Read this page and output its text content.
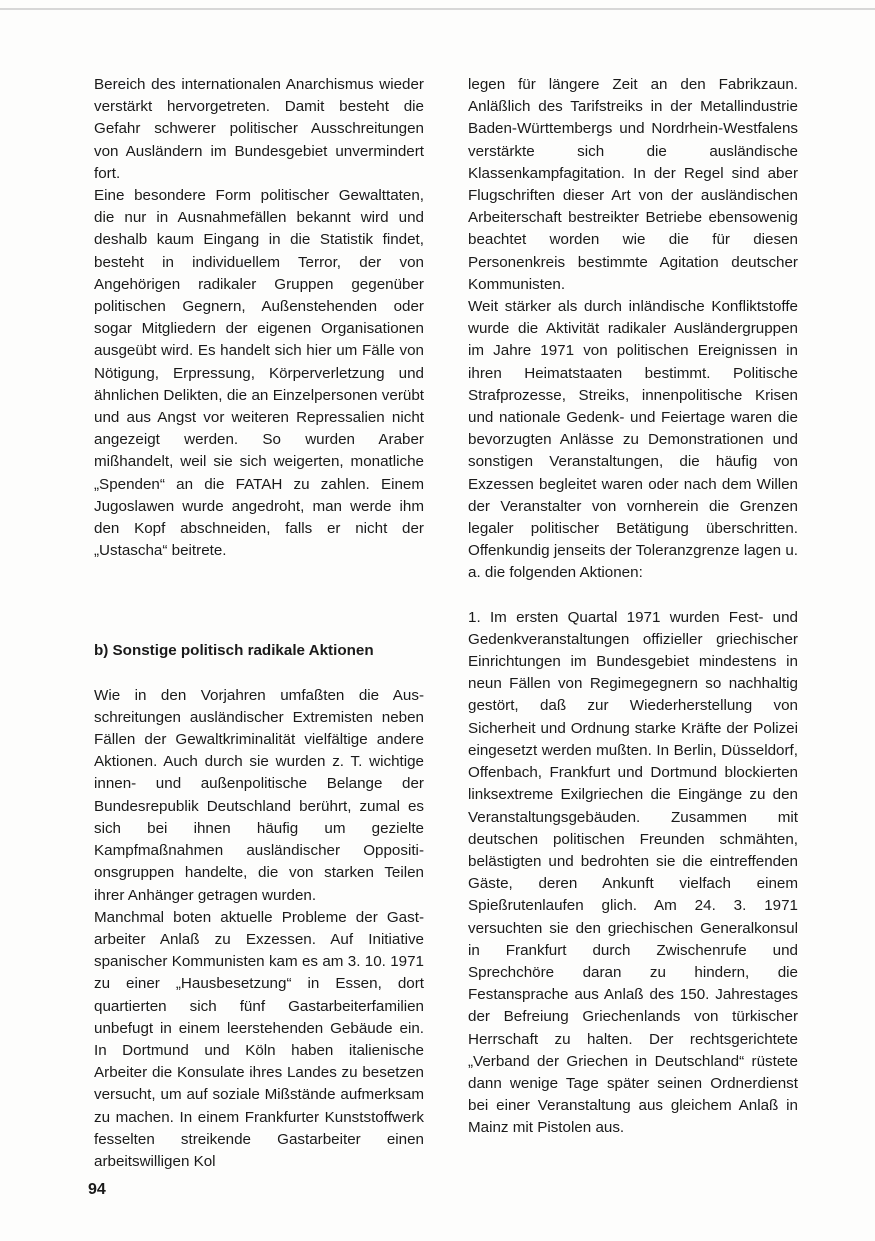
Bereich des internationalen Anarchismus wieder verstärkt hervorgetreten. Damit besteht die Gefahr schwerer politischer Ausschreitungen von Ausländern im Bundesgebiet unvermindert fort.

Eine besondere Form politischer Gewalttaten, die nur in Ausnahmefällen bekannt wird und deshalb kaum Eingang in die Statistik findet, besteht in individuellem Terror, der von Angehörigen radikaler Gruppen gegenüber politischen Gegnern, Außenstehenden oder sogar Mitgliedern der eigenen Organisationen ausgeübt wird. Es handelt sich hier um Fälle von Nötigung, Erpressung, Körperverletzung und ähnlichen Delikten, die an Einzelpersonen verübt und aus Angst vor weiteren Repressalien nicht angezeigt werden. So wurden Araber mißhandelt, weil sie sich weigerten, monatliche „Spenden“ an die FATAH zu zahlen. Einem Jugoslawen wurde angedroht, man werde ihm den Kopf abschneiden, falls er nicht der „Ustascha“ beitrete.

b) Sonstige politisch radikale Aktionen

Wie in den Vorjahren umfaßten die Ausschreitungen ausländischer Extremisten neben Fällen der Gewaltkriminalität vielfältige andere Aktionen. Auch durch sie wurden z. T. wichtige innen- und außenpolitische Belange der Bundesrepublik Deutschland berührt, zumal es sich bei ihnen häufig um gezielte Kampfmaßnahmen ausländischer Oppositionsgruppen handelte, die von starken Teilen ihrer Anhänger getragen wurden.

Manchmal boten aktuelle Probleme der Gastarbeiter Anlaß zu Exzessen. Auf Initiative spanischer Kommunisten kam es am 3. 10. 1971 zu einer „Hausbesetzung“ in Essen, dort quartierten sich fünf Gastarbeiterfamilien unbefugt in einem leerstehenden Gebäude ein. In Dortmund und Köln haben italienische Arbeiter die Konsulate ihres Landes zu besetzen versucht, um auf soziale Mißstände aufmerksam zu machen. In einem Frankfurter Kunststoffwerk fesselten streikende Gastarbeiter einen arbeitswilligen Kol

legen für längere Zeit an den Fabrikzaun. Anläßlich des Tarifstreiks in der Metallindustrie Baden-Württembergs und Nordrhein-Westfalens verstärkte sich die ausländische Klassenkampfagitation. In der Regel sind aber Flugschriften dieser Art von der ausländischen Arbeiterschaft bestreikter Betriebe ebensowenig beachtet worden wie die für diesen Personenkreis bestimmte Agitation deutscher Kommunisten.

Weit stärker als durch inländische Konfliktstoffe wurde die Aktivität radikaler Ausländergruppen im Jahre 1971 von politischen Ereignissen in ihren Heimatstaaten bestimmt. Politische Strafprozesse, Streiks, innenpolitische Krisen und nationale Gedenk- und Feiertage waren die bevorzugten Anlässe zu Demonstrationen und sonstigen Veranstaltungen, die häufig von Exzessen begleitet waren oder nach dem Willen der Veranstalter von vornherein die Grenzen legaler politischer Betätigung überschritten. Offenkundig jenseits der Toleranzgrenze lagen u. a. die folgenden Aktionen:

1. Im ersten Quartal 1971 wurden Fest- und Gedenkveranstaltungen offizieller griechischer Einrichtungen im Bundesgebiet mindestens in neun Fällen von Regimegegnern so nachhaltig gestört, daß zur Wiederherstellung von Sicherheit und Ordnung starke Kräfte der Polizei eingesetzt werden mußten. In Berlin, Düsseldorf, Offenbach, Frankfurt und Dortmund blockierten linksextreme Exilgriechen die Eingänge zu den Veranstaltungsgebäuden. Zusammen mit deutschen politischen Freunden schmähten, belästigten und bedrohten sie die eintreffenden Gäste, deren Ankunft vielfach einem Spießrutenlaufen glich. Am 24. 3. 1971 versuchten sie den griechischen Generalkonsul in Frankfurt durch Zwischenrufe und Sprechchöre daran zu hindern, die Festansprache aus Anlaß des 150. Jahrestages der Befreiung Griechenlands von türkischer Herrschaft zu halten. Der rechtsgerichtete „Verband der Griechen in Deutschland“ rüstete dann wenige Tage später seinen Ordnerdienst bei einer Veranstaltung aus gleichem Anlaß in Mainz mit Pistolen aus.

94
